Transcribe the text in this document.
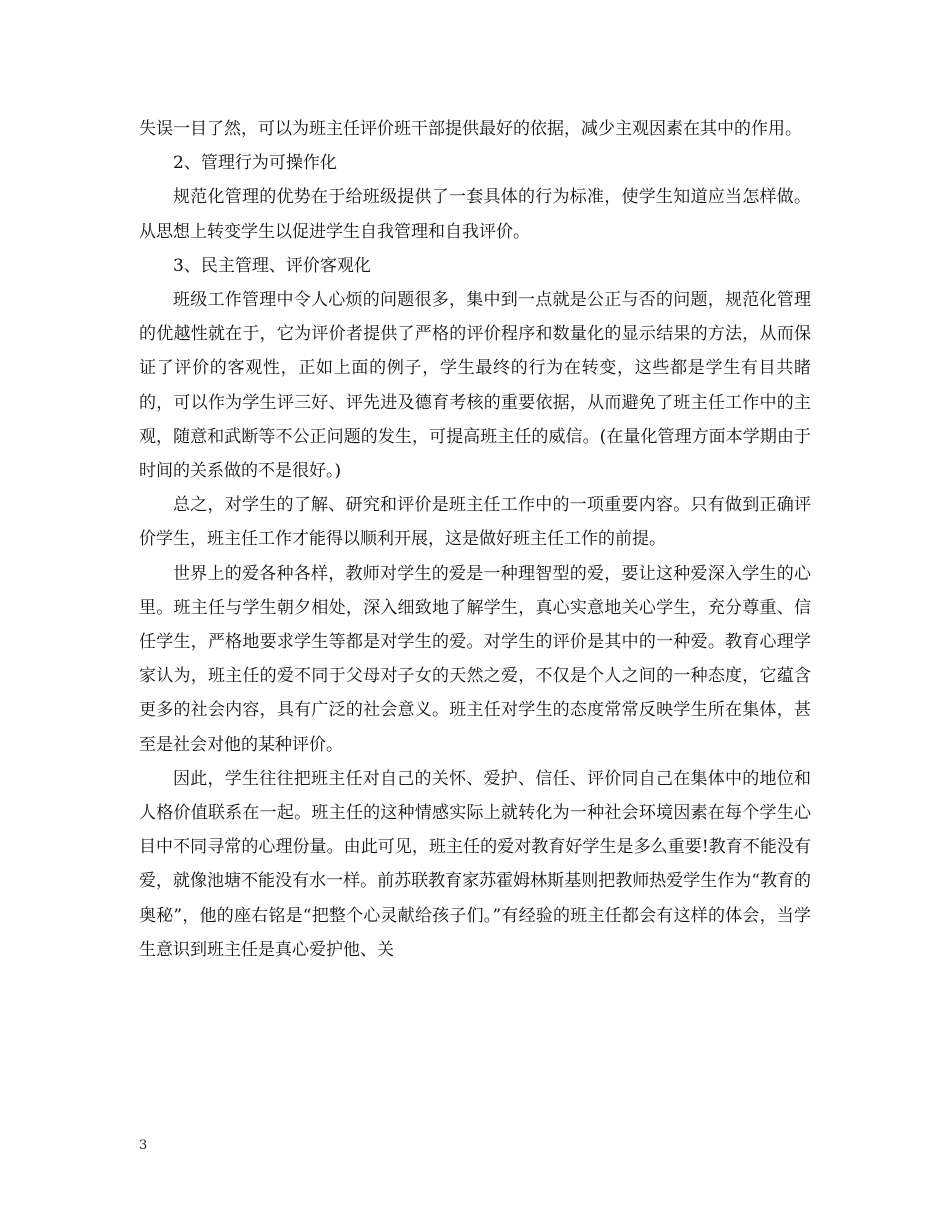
失误一目了然，可以为班主任评价班干部提供最好的依据，减少主观因素在其中的作用。

2、管理行为可操作化

规范化管理的优势在于给班级提供了一套具体的行为标准，使学生知道应当怎样做。从思想上转变学生以促进学生自我管理和自我评价。

3、民主管理、评价客观化

班级工作管理中令人心烦的问题很多，集中到一点就是公正与否的问题，规范化管理的优越性就在于，它为评价者提供了严格的评价程序和数量化的显示结果的方法，从而保证了评价的客观性，正如上面的例子，学生最终的行为在转变，这些都是学生有目共睹的，可以作为学生评三好、评先进及德育考核的重要依据，从而避免了班主任工作中的主观，随意和武断等不公正问题的发生，可提高班主任的威信。(在量化管理方面本学期由于时间的关系做的不是很好。)

总之，对学生的了解、研究和评价是班主任工作中的一项重要内容。只有做到正确评价学生，班主任工作才能得以顺利开展，这是做好班主任工作的前提。

世界上的爱各种各样，教师对学生的爱是一种理智型的爱，要让这种爱深入学生的心里。班主任与学生朝夕相处，深入细致地了解学生，真心实意地关心学生，充分尊重、信任学生，严格地要求学生等都是对学生的爱。对学生的评价是其中的一种爱。教育心理学家认为，班主任的爱不同于父母对子女的天然之爱，不仅是个人之间的一种态度，它蕴含更多的社会内容，具有广泛的社会意义。班主任对学生的态度常常反映学生所在集体，甚至是社会对他的某种评价。

因此，学生往往把班主任对自己的关怀、爱护、信任、评价同自己在集体中的地位和人格价值联系在一起。班主任的这种情感实际上就转化为一种社会环境因素在每个学生心目中不同寻常的心理份量。由此可见，班主任的爱对教育好学生是多么重要!教育不能没有爱，就像池塘不能没有水一样。前苏联教育家苏霍姆林斯基则把教师热爱学生作为“教育的奥秘”，他的座右铭是“把整个心灵献给孩子们。”有经验的班主任都会有这样的体会，当学生意识到班主任是真心爱护他、关

3
